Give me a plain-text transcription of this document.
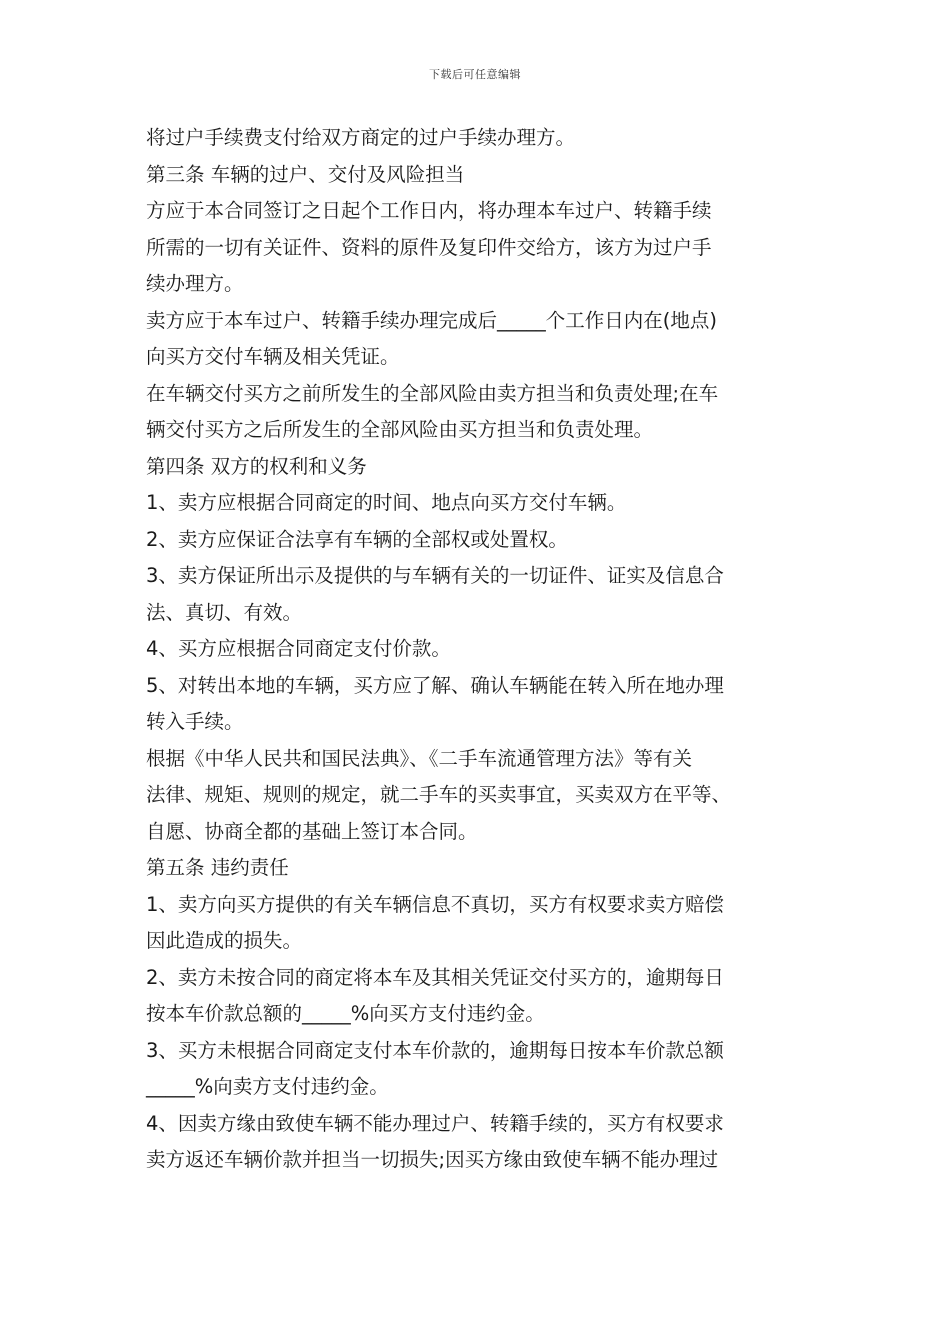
下载后可任意编辑
将过户手续费支付给双方商定的过户手续办理方。
第三条 车辆的过户、交付及风险担当
方应于本合同签订之日起个工作日内，将办理本车过户、转籍手续
所需的一切有关证件、资料的原件及复印件交给方，该方为过户手
续办理方。
卖方应于本车过户、转籍手续办理完成后_____个工作日内在(地点)
向买方交付车辆及相关凭证。
在车辆交付买方之前所发生的全部风险由卖方担当和负责处理;在车
辆交付买方之后所发生的全部风险由买方担当和负责处理。
第四条 双方的权利和义务
1、卖方应根据合同商定的时间、地点向买方交付车辆。
2、卖方应保证合法享有车辆的全部权或处置权。
3、卖方保证所出示及提供的与车辆有关的一切证件、证实及信息合
法、真切、有效。
4、买方应根据合同商定支付价款。
5、对转出本地的车辆，买方应了解、确认车辆能在转入所在地办理
转入手续。
根据《中华人民共和国民法典》、《二手车流通管理方法》等有关
法律、规矩、规则的规定，就二手车的买卖事宜，买卖双方在平等、
自愿、协商全都的基础上签订本合同。
第五条 违约责任
1、卖方向买方提供的有关车辆信息不真切，买方有权要求卖方赔偿
因此造成的损失。
2、卖方未按合同的商定将本车及其相关凭证交付买方的，逾期每日
按本车价款总额的_____%向买方支付违约金。
3、买方未根据合同商定支付本车价款的，逾期每日按本车价款总额
_____%向卖方支付违约金。
4、因卖方缘由致使车辆不能办理过户、转籍手续的，买方有权要求
卖方返还车辆价款并担当一切损失;因买方缘由致使车辆不能办理过
